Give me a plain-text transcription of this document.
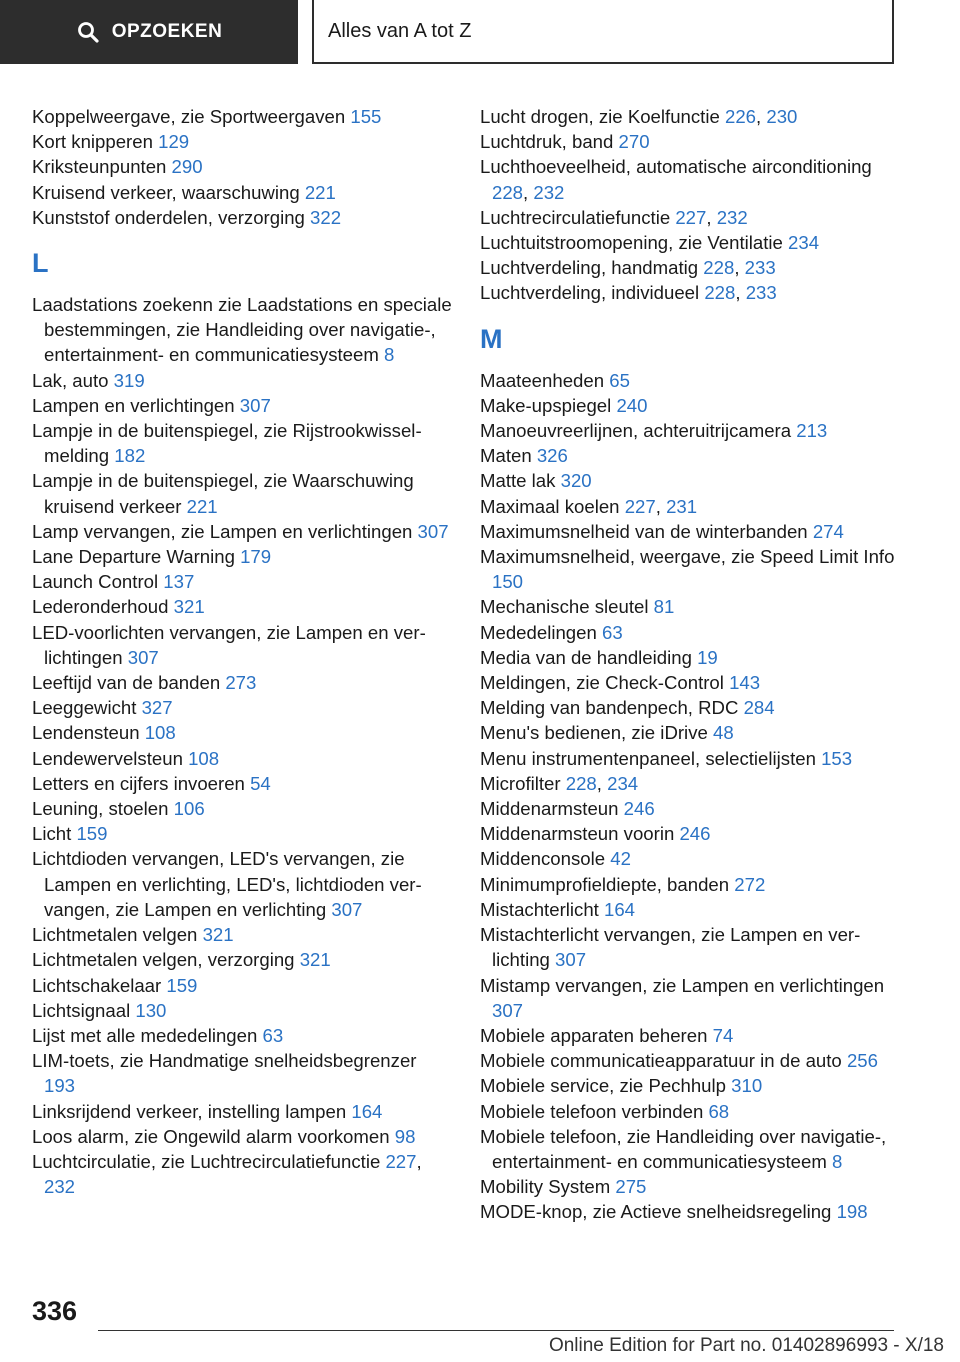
OPZOEKEN	Alles van A tot Z
Koppelweergave, zie Sportweergaven 155
Kort knipperen 129
Kriksteunpunten 290
Kruisend verkeer, waarschuwing 221
Kunststof onderdelen, verzorging 322
L
Laadstations zoekenn zie Laadstations en speciale bestemmingen, zie Handleiding over navigatie-, entertainment- en communicatiesysteem 8
Lak, auto 319
Lampen en verlichtingen 307
Lampje in de buitenspiegel, zie Rijstrookwisselmelding 182
Lampje in de buitenspiegel, zie Waarschuwing kruisend verkeer 221
Lamp vervangen, zie Lampen en verlichtingen 307
Lane Departure Warning 179
Launch Control 137
Lederonderhoud 321
LED-voorlichten vervangen, zie Lampen en verlichtingen 307
Leeftijd van de banden 273
Leeggewicht 327
Lendensteun 108
Lendewervelsteun 108
Letters en cijfers invoeren 54
Leuning, stoelen 106
Licht 159
Lichtdioden vervangen, LED's vervangen, zie Lampen en verlichting, LED's, lichtdioden vervangen, zie Lampen en verlichting 307
Lichtmetalen velgen 321
Lichtmetalen velgen, verzorging 321
Lichtschakelaar 159
Lichtsignaal 130
Lijst met alle mededelingen 63
LIM-toets, zie Handmatige snelheidsbegrenzer 193
Linksrijdend verkeer, instelling lampen 164
Loos alarm, zie Ongewild alarm voorkomen 98
Luchtcirculatie, zie Luchtrecirculatiefunctie 227, 232
Lucht drogen, zie Koelfunctie 226, 230
Luchtdruk, band 270
Luchthoeveelheid, automatische airconditioning 228, 232
Luchtrecirculatiefunctie 227, 232
Luchtuitstroomopening, zie Ventilatie 234
Luchtverdeling, handmatig 228, 233
Luchtverdeling, individueel 228, 233
M
Maateenheden 65
Make-upspiegel 240
Manoeuvreerlijnen, achteruitrijcamera 213
Maten 326
Matte lak 320
Maximaal koelen 227, 231
Maximumsnelheid van de winterbanden 274
Maximumsnelheid, weergave, zie Speed Limit Info 150
Mechanische sleutel 81
Mededelingen 63
Media van de handleiding 19
Meldingen, zie Check-Control 143
Melding van bandenpech, RDC 284
Menu's bedienen, zie iDrive 48
Menu instrumentenpaneel, selectielijsten 153
Microfilter 228, 234
Middenarmsteun 246
Middenarmsteun voorin 246
Middenconsole 42
Minimumprofieldiepte, banden 272
Mistachterlicht 164
Mistachterlicht vervangen, zie Lampen en verlichting 307
Mistamp vervangen, zie Lampen en verlichtingen 307
Mobiele apparaten beheren 74
Mobiele communicatieapparatuur in de auto 256
Mobiele service, zie Pechhulp 310
Mobiele telefoon verbinden 68
Mobiele telefoon, zie Handleiding over navigatie-, entertainment- en communicatiesysteem 8
Mobility System 275
MODE-knop, zie Actieve snelheidsregeling 198
336
Online Edition for Part no. 01402896993 - X/18
